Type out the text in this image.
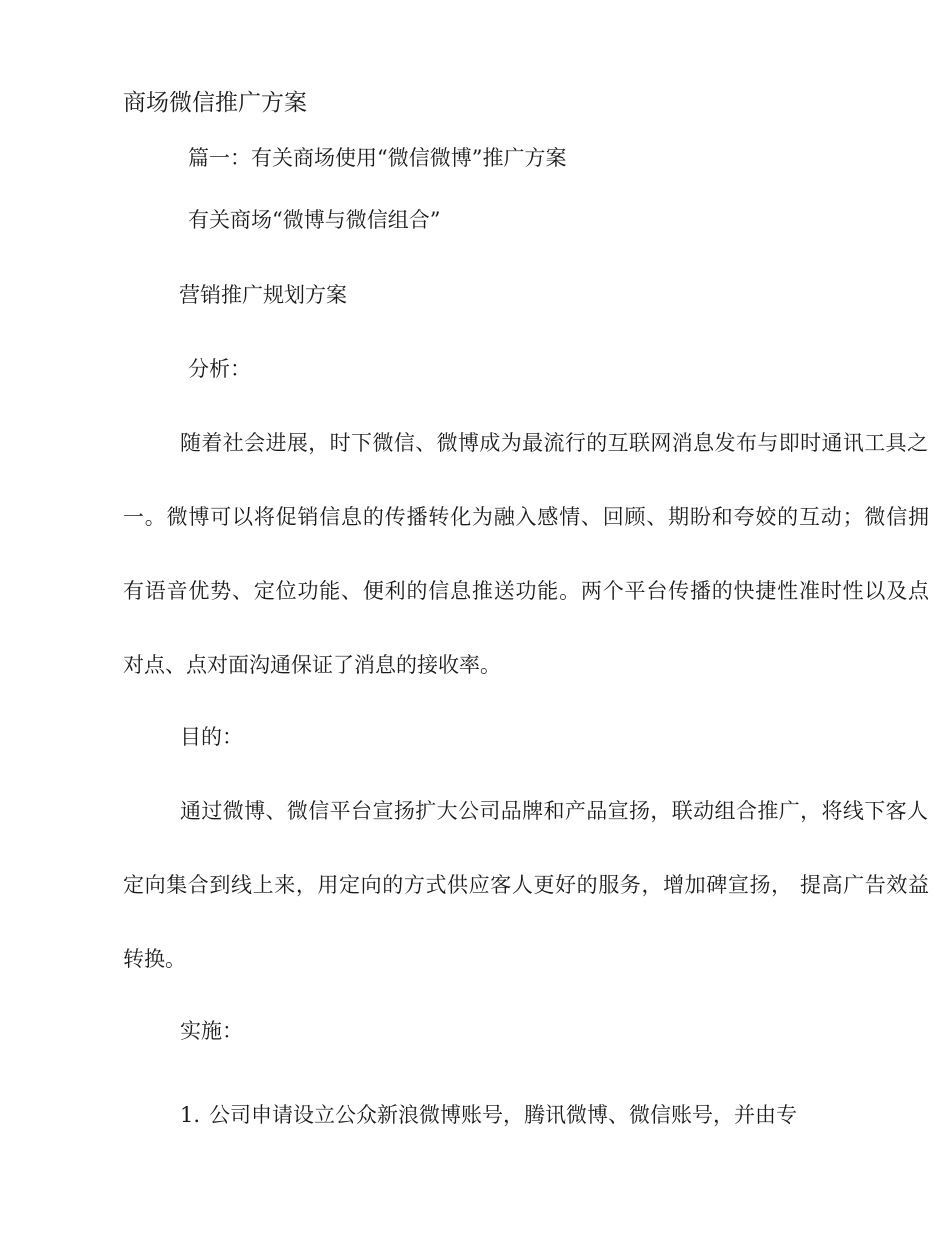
商场微信推广方案
篇一：有关商场使用“微信微博”推广方案
有关商场“微博与微信组合”
营销推广规划方案
分析：
随着社会进展，时下微信、微博成为最流行的互联网消息发布与即时通讯工具之
一。微博可以将促销信息的传播转化为融入感情、回顾、期盼和夸姣的互动；微信拥
有语音优势、定位功能、便利的信息推送功能。两个平台传播的快捷性准时性以及点
对点、点对面沟通保证了消息的接收率。
目的：
通过微博、微信平台宣扬扩大公司品牌和产品宣扬，联动组合推广，将线下客人
定向集合到线上来，用定向的方式供应客人更好的服务，增加碑宣扬， 提高广告效益
转换。
实施：
1. 公司申请设立公众新浪微博账号，腾讯微博、微信账号，并由专
